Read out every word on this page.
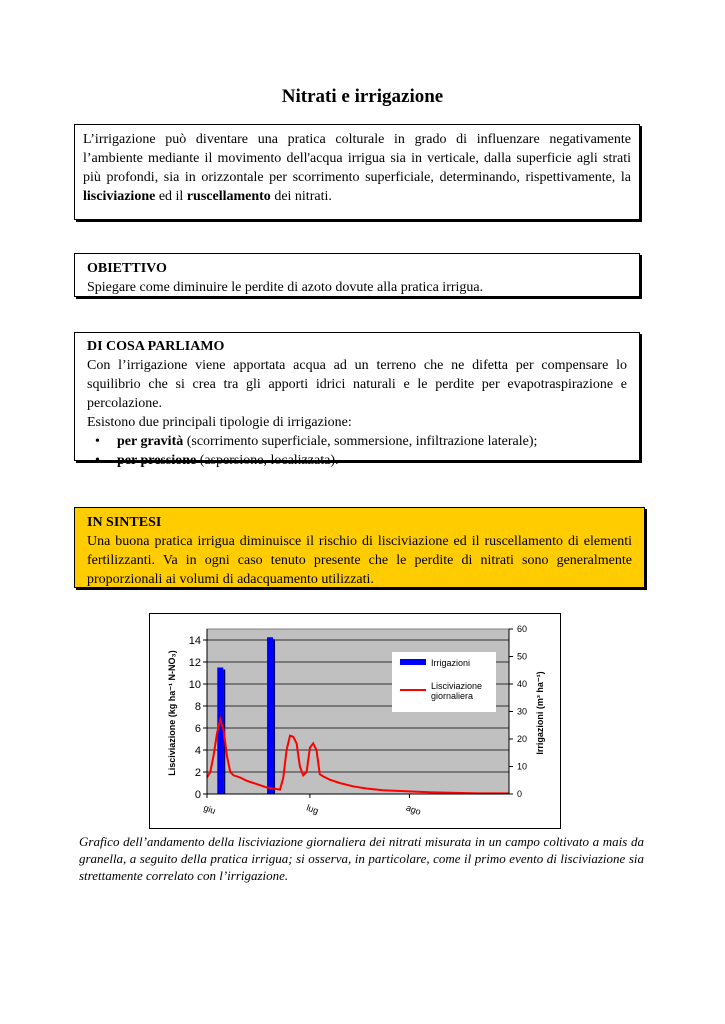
Nitrati e irrigazione
L’irrigazione può diventare una pratica colturale in grado di influenzare negativamente l’ambiente mediante il movimento dell'acqua irrigua sia in verticale, dalla superficie agli strati più profondi, sia in orizzontale per scorrimento superficiale, determinando, rispettivamente, la lisciviazione ed il ruscellamento dei nitrati.
OBIETTIVO
Spiegare come diminuire le perdite di azoto dovute alla pratica irrigua.
DI COSA PARLIAMO
Con l’irrigazione viene apportata acqua ad un terreno che ne difetta per compensare lo squilibrio che si crea tra gli apporti idrici naturali e le perdite per evapotraspirazione e percolazione.
Esistono due principali tipologie di irrigazione:
• per gravità (scorrimento superficiale, sommersione, infiltrazione laterale);
• per pressione (aspersione, localizzata).
IN SINTESI
Una buona pratica irrigua diminuisce il rischio di lisciviazione ed il ruscellamento di elementi fertilizzanti. Va in ogni caso tenuto presente che le perdite di nitrati sono generalmente proporzionali ai volumi di adacquamento utilizzati.
0
2
4
6
8
10
12
14
0
10
20
30
40
50
60
giu	lug	ago
Lisciviazione (kg ha⁻¹ N-NO₃)	Irrigazioni (m³ ha⁻¹)
Irrigazioni
Lisciviazione giornaliera
Grafico dell’andamento della lisciviazione giornaliera dei nitrati misurata in un campo coltivato a mais da granella, a seguito della pratica irrigua; si osserva, in particolare, come il primo evento di lisciviazione sia strettamente correlato con l’irrigazione.
